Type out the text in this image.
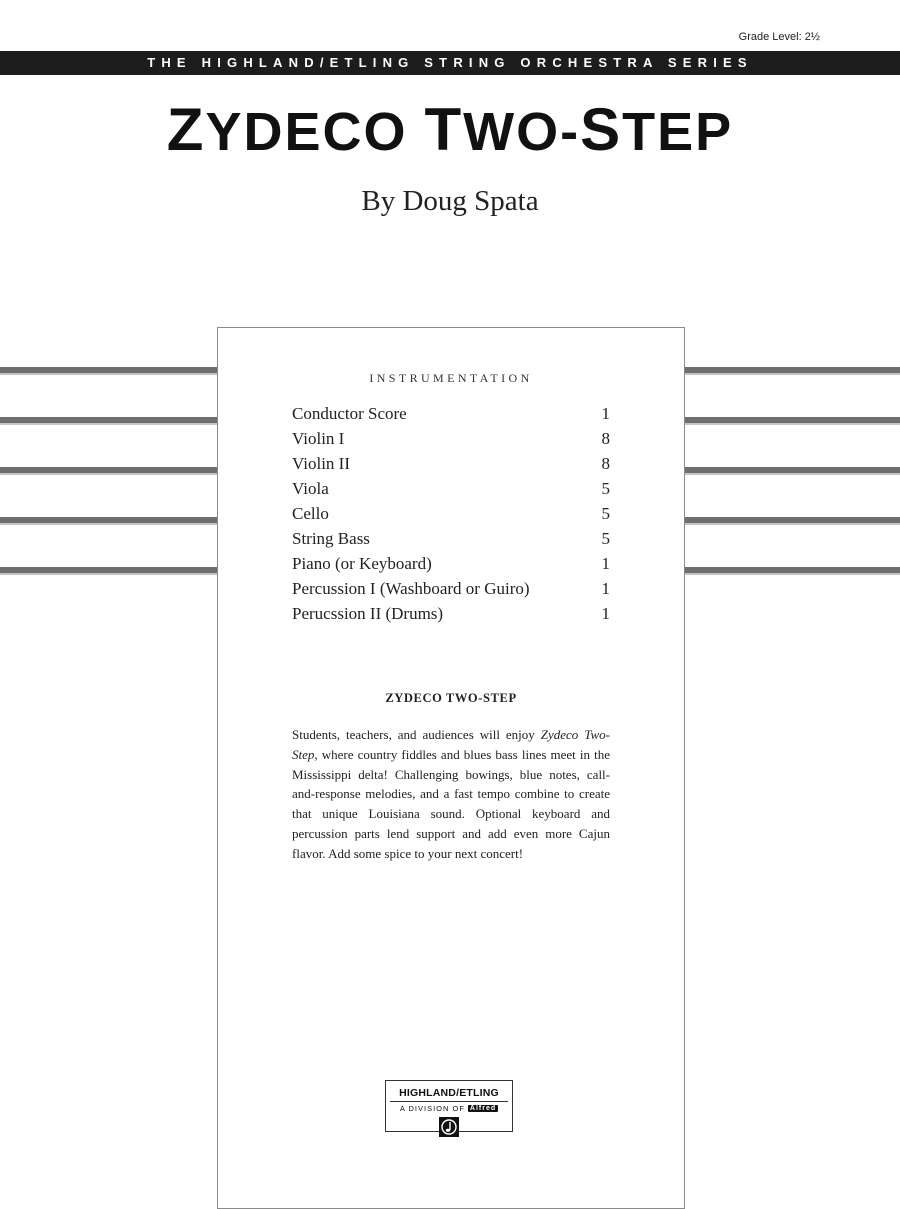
Grade Level: 2½
THE HIGHLAND/ETLING STRING ORCHESTRA SERIES
ZYDECO TWO-STEP
By Doug Spata
INSTRUMENTATION
Conductor Score	1
Violin I	8
Violin II	8
Viola	5
Cello	5
String Bass	5
Piano (or Keyboard)	1
Percussion I (Washboard or Guiro)	1
Perucssion II (Drums)	1
ZYDECO TWO-STEP

Students, teachers, and audiences will enjoy Zydeco Two-Step, where country fiddles and blues bass lines meet in the Mississippi delta! Challenging bowings, blue notes, call-and-response melodies, and a fast tempo combine to create that unique Louisiana sound. Optional keyboard and percussion parts lend support and add even more Cajun flavor. Add some spice to your next concert!

HIGHLAND/ETLING
A DIVISION OF Alfred
